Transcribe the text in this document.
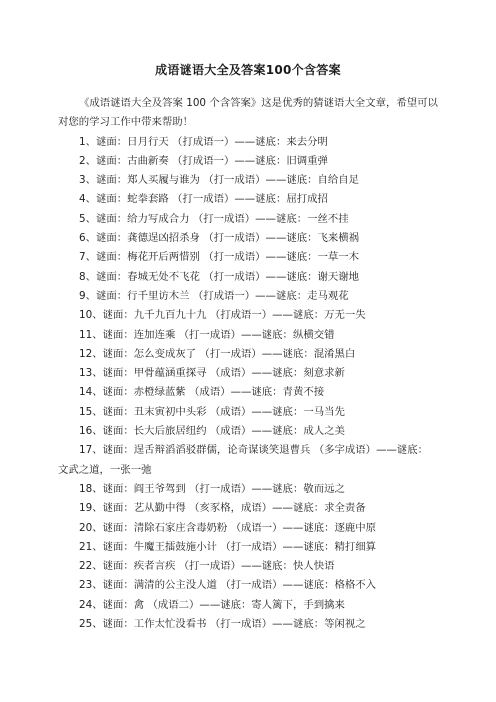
成语谜语大全及答案100个含答案

《成语谜语大全及答案 100 个含答案》这是优秀的猜谜语大全文章，希望可以对您的学习工作中带来帮助！

1、谜面：日月行天 （打成语一）——谜底：来去分明
2、谜面：古曲新奏 （打成语一）——谜底：旧调重弹
3、谜面：郑人买履与谁为 （打一成语）——谜底：自给自足
4、谜面：蛇拳套路 （打一成语）——谜底：屈打成招
5、谜面：给力写成合力 （打一成语）——谜底：一丝不挂
6、谜面：龚德逞凶招杀身 （打一成语）——谜底：飞来横祸
7、谜面：梅花开后两惜别 （打一成语）——谜底：一草一木
8、谜面：春城无处不飞花 （打一成语）——谜底：谢天谢地
9、谜面：行千里访木兰 （打成语一）——谜底：走马观花
10、谜面：九千九百九十九 （打成语一）——谜底：万无一失
11、谜面：连加连乘 （打一成语）——谜底：纵横交错
12、谜面：怎么变成灰了 （打一成语）——谜底：混淆黑白
13、谜面：甲骨蕴涵重探寻 （成语）——谜底：刻意求新
14、谜面：赤橙绿蓝紫 （成语）——谜底：青黄不接
15、谜面：丑末寅初中头彩 （成语）——谜底：一马当先
16、谜面：长大后旅居纽约 （成语）——谜底：成人之美
17、谜面：逞舌辩滔滔驳群儒，论奇谋谈笑退曹兵 （多字成语）——谜底：文武之道，一张一弛
18、谜面：阎王爷驾到 （打一成语）——谜底：敬而远之
19、谜面：艺从勤中得 （亥豕格，成语）——谜底：求全责备
20、谜面：清除石家庄含毒奶粉 （成语一）——谜底：逐鹿中原
21、谜面：牛魔王擂鼓施小计 （打一成语）——谜底：精打细算
22、谜面：疾者言疾 （打一成语）——谜底：快人快语
23、谜面：满清的公主没人道 （打一成语）——谜底：格格不入
24、谜面：禽 （成语二）——谜底：寄人篱下，手到擒来
25、谜面：工作太忙没看书 （打一成语）——谜底：等闲视之
